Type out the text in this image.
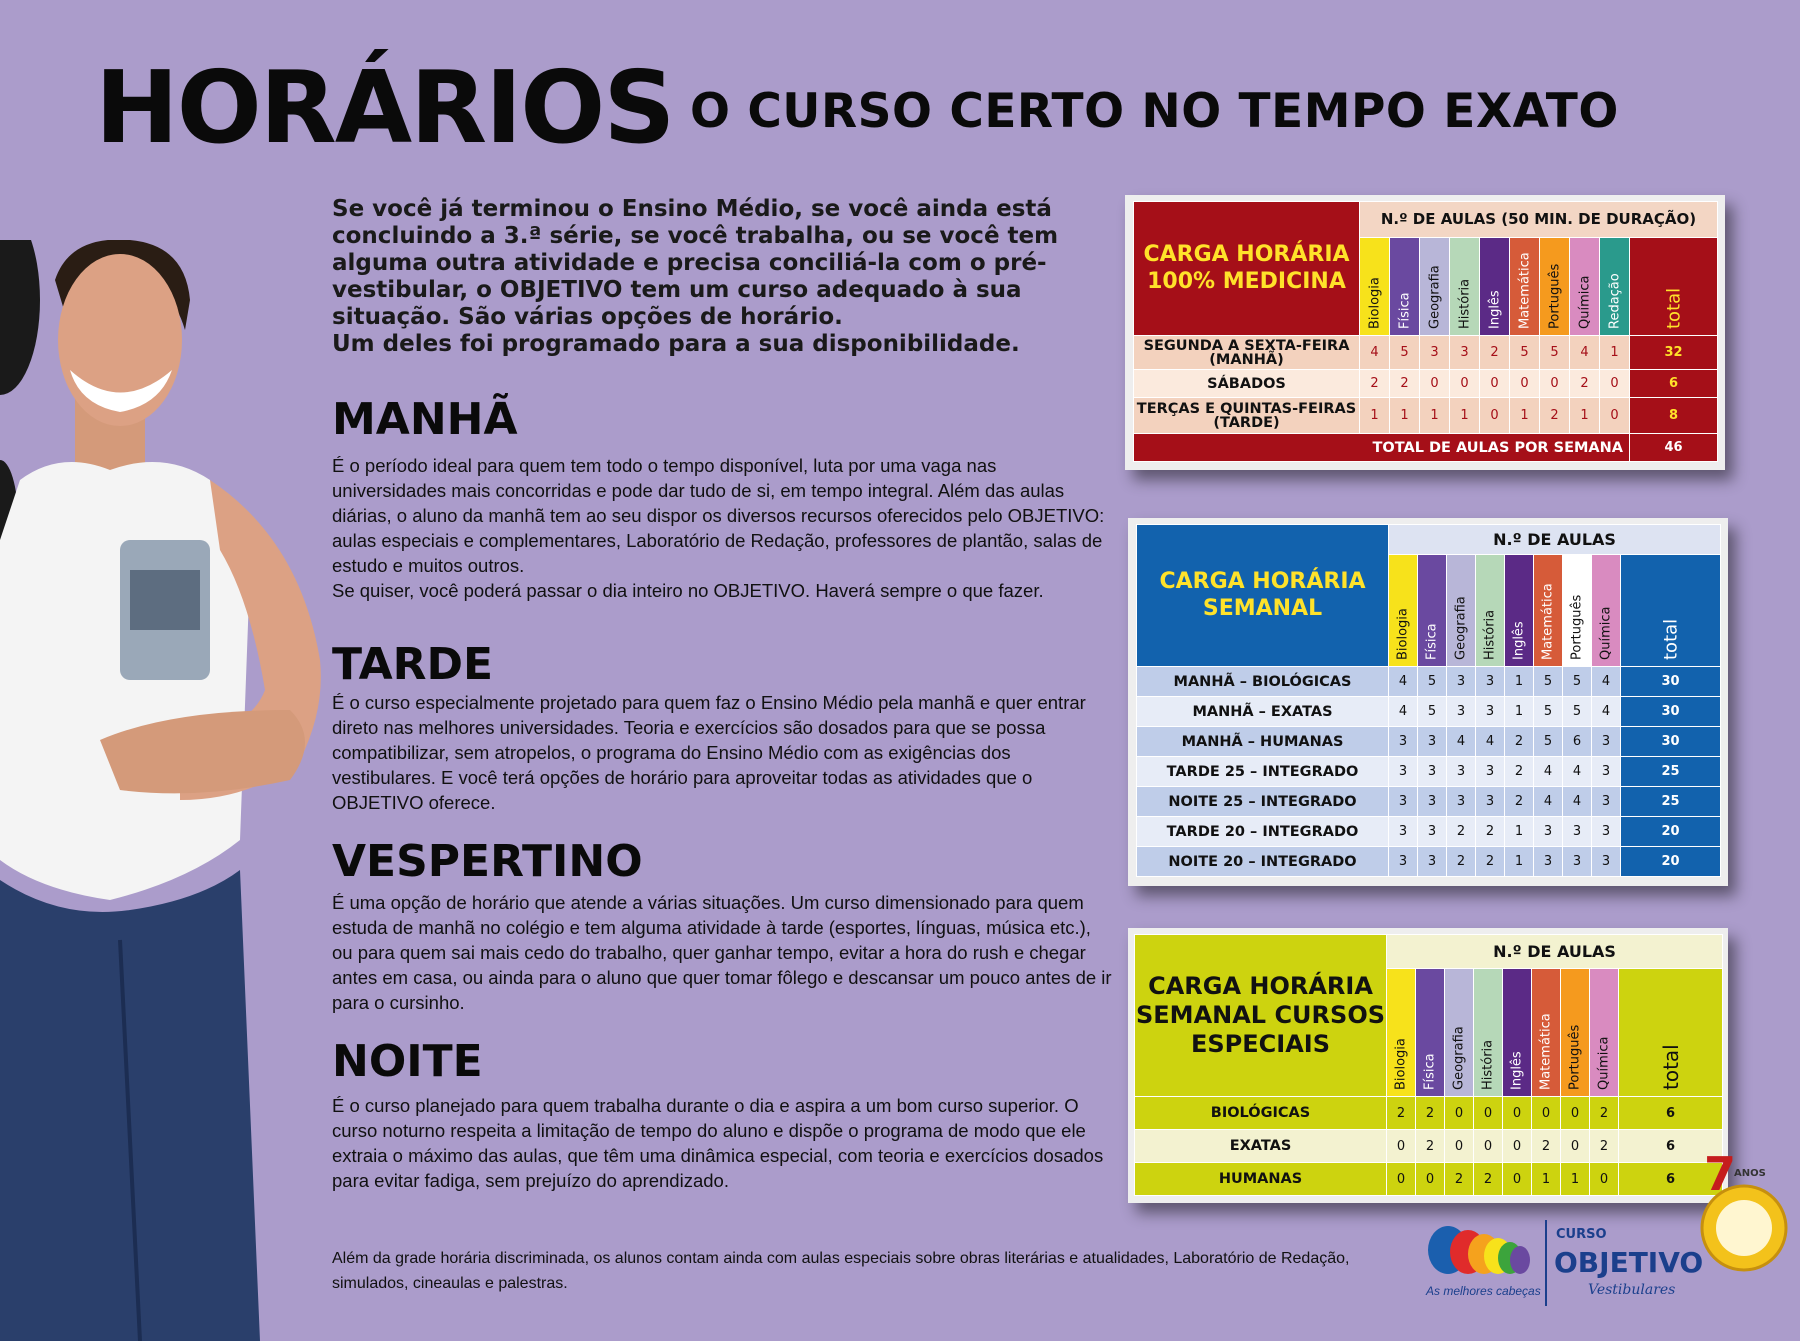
HORÁRIOS O CURSO CERTO NO TEMPO EXATO
Se você já terminou o Ensino Médio, se você ainda está concluindo a 3.ª série, se você trabalha, ou se você tem alguma outra atividade e precisa conciliá-la com o pré-vestibular, o OBJETIVO tem um curso adequado à sua situação. São várias opções de horário.
Um deles foi programado para a sua disponibilidade.
MANHÃ
É o período ideal para quem tem todo o tempo disponível, luta por uma vaga nas universidades mais concorridas e pode dar tudo de si, em tempo integral. Além das aulas diárias, o aluno da manhã tem ao seu dispor os diversos recursos oferecidos pelo OBJETIVO: aulas especiais e complementares, Laboratório de Redação, professores de plantão, salas de estudo e muitos outros.
Se quiser, você poderá passar o dia inteiro no OBJETIVO. Haverá sempre o que fazer.
TARDE
É o curso especialmente projetado para quem faz o Ensino Médio pela manhã e quer entrar direto nas melhores universidades. Teoria e exercícios são dosados para que se possa compatibilizar, sem atropelos, o programa do Ensino Médio com as exigências dos vestibulares. E você terá opções de horário para aproveitar todas as atividades que o OBJETIVO oferece.
VESPERTINO
É uma opção de horário que atende a várias situações. Um curso dimensionado para quem estuda de manhã no colégio e tem alguma atividade à tarde (esportes, línguas, música etc.), ou para quem sai mais cedo do trabalho, quer ganhar tempo, evitar a hora do rush e chegar antes em casa, ou ainda para o aluno que quer tomar fôlego e descansar um pouco antes de ir para o cursinho.
NOITE
É o curso planejado para quem trabalha durante o dia e aspira a um bom curso superior. O curso noturno respeita a limitação de tempo do aluno e dispõe o programa de modo que ele extraia o máximo das aulas, que têm uma dinâmica especial, com teoria e exercícios dosados para evitar fadiga, sem prejuízo do aprendizado.
Além da grade horária discriminada, os alunos contam ainda com aulas especiais sobre obras literárias e atualidades, Laboratório de Redação, simulados, cineaulas e palestras.
CARGA HORÁRIA 100% MEDICINA	N.º DE AULAS (50 MIN. DE DURAÇÃO)									

	Biologia	Física	Geografia	História	Inglês	Matemática	Português	Química	Redação	total

SEGUNDA A SEXTA-FEIRA (MANHÃ)	4	5	3	3	2	5	5	4	1	32
SÁBADOS	2	2	0	0	0	0	0	2	0	6
TERÇAS E QUINTAS-FEIRAS (TARDE)	1	1	1	1	0	1	2	1	0	8
TOTAL DE AULAS POR SEMANA										46
CARGA HORÁRIA SEMANAL	N.º DE AULAS								

	Biologia	Física	Geografia	História	Inglês	Matemática	Português	Química	total

MANHÃ – BIOLÓGICAS	4	5	3	3	1	5	5	4	30
MANHÃ – EXATAS	4	5	3	3	1	5	5	4	30
MANHÃ – HUMANAS	3	3	4	4	2	5	6	3	30
TARDE 25 – INTEGRADO	3	3	3	3	2	4	4	3	25
NOITE 25 – INTEGRADO	3	3	3	3	2	4	4	3	25
TARDE 20 – INTEGRADO	3	3	2	2	1	3	3	3	20
NOITE 20 – INTEGRADO	3	3	2	2	1	3	3	3	20
CARGA HORÁRIA SEMANAL CURSOS ESPECIAIS	N.º DE AULAS								

	Biologia	Física	Geografia	História	Inglês	Matemática	Português	Química	total

BIOLÓGICAS	2	2	0	0	0	0	0	2	6
EXATAS	0	2	0	0	0	2	0	2	6
HUMANAS	0	0	2	2	0	1	1	0	6 7
ANOS
As melhores cabeças
CURSO
OBJETIVO
Vestibulares
